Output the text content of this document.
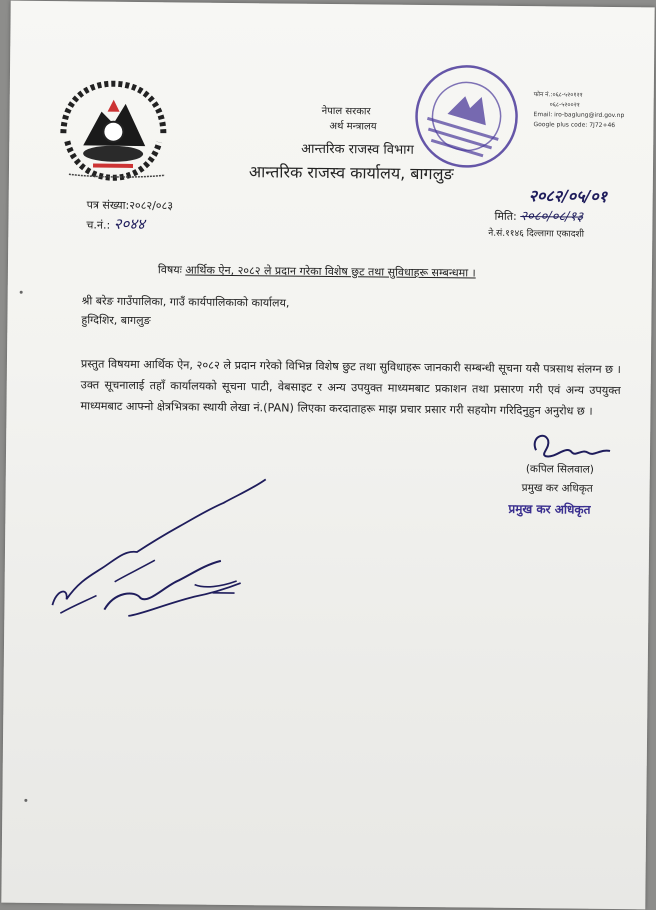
नेपाल सरकार
अर्थ मन्त्रालय
आन्तरिक राजस्व विभाग
आन्तरिक राजस्व कार्यालय, बागलुङ
फोन नं.:०६८-५२०१२१
०६८-५२००२१
Email: iro-baglung@ird.gov.np
Google plus code: 7J72+46
पत्र संख्या:२०८२/०८३
च.नं.: २०४४
२०८२/०५/०१
मिति: २०८०/०८/१३
ने.सं.११४६ दिल्लागा एकादशी
विषयः आर्थिक ऐन, २०८२ ले प्रदान गरेका विशेष छुट तथा सुविधाहरू सम्बन्धमा ।
श्री बरेङ गाउँपालिका, गाउँ कार्यपालिकाको कार्यालय,
हुग्दिशिर, बागलुङ
प्रस्तुत विषयमा आर्थिक ऐन, २०८२ ले प्रदान गरेको विभिन्न विशेष छुट तथा सुविधाहरू जानकारी सम्बन्धी सूचना यसै पत्रसाथ संलग्न छ । उक्त सूचनालाई तहाँ कार्यालयको सूचना पाटी, वेबसाइट र अन्य उपयुक्त माध्यमबाट प्रकाशन तथा प्रसारण गरी एवं अन्य उपयुक्त माध्यमबाट आफ्नो क्षेत्रभित्रका स्थायी लेखा नं.(PAN) लिएका करदाताहरू माझ प्रचार प्रसार गरी सहयोग गरिदिनुहुन अनुरोध छ ।
(कपिल सिलवाल)
प्रमुख कर अधिकृत
प्रमुख कर अधिकृत
